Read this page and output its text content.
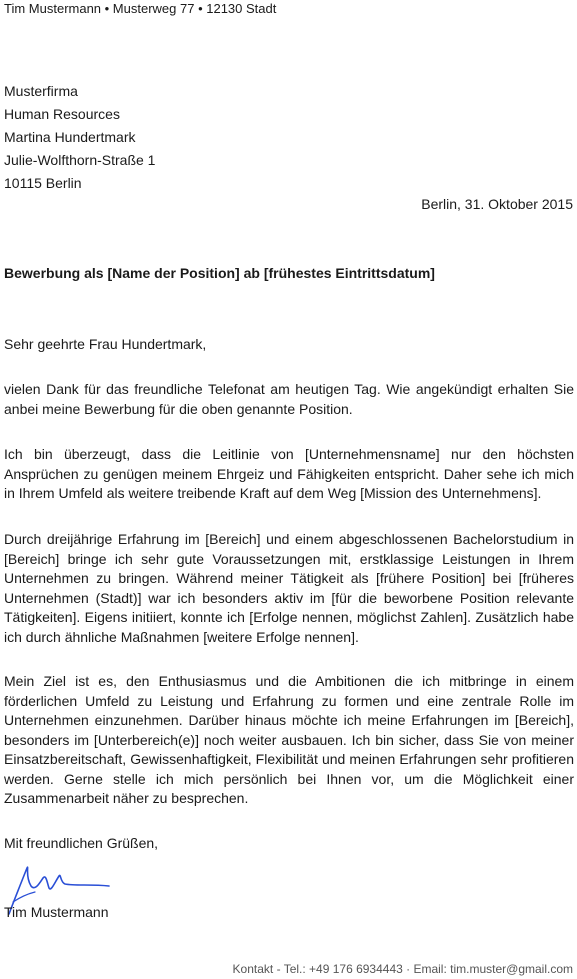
Tim Mustermann • Musterweg 77 • 12130 Stadt
Musterfirma
Human Resources
Martina Hundertmark
Julie-Wolfthorn-Straße 1
10115 Berlin
Berlin, 31. Oktober 2015
Bewerbung als [Name der Position] ab [frühestes Eintrittsdatum]
Sehr geehrte Frau Hundertmark,
vielen Dank für das freundliche Telefonat am heutigen Tag. Wie angekündigt erhalten Sie anbei meine Bewerbung für die oben genannte Position.
Ich bin überzeugt, dass die Leitlinie von [Unternehmensname] nur den höchsten Ansprüchen zu genügen meinem Ehrgeiz und Fähigkeiten entspricht. Daher sehe ich mich in Ihrem Umfeld als weitere treibende Kraft auf dem Weg [Mission des Unternehmens].
Durch dreijährige Erfahrung im [Bereich] und einem abgeschlossenen Bachelorstudium in [Bereich] bringe ich sehr gute Voraussetzungen mit, erstklassige Leistungen in Ihrem Unternehmen zu bringen. Während meiner Tätigkeit als [frühere Position] bei [früheres Unternehmen (Stadt)] war ich besonders aktiv im [für die beworbene Position relevante Tätigkeiten]. Eigens initiiert, konnte ich [Erfolge nennen, möglichst Zahlen]. Zusätzlich habe ich durch ähnliche Maßnahmen [weitere Erfolge nennen].
Mein Ziel ist es, den Enthusiasmus und die Ambitionen die ich mitbringe in einem förderlichen Umfeld zu Leistung und Erfahrung zu formen und eine zentrale Rolle im Unternehmen einzunehmen. Darüber hinaus möchte ich meine Erfahrungen im [Bereich], besonders im [Unterbereich(e)] noch weiter ausbauen. Ich bin sicher, dass Sie von meiner Einsatzbereitschaft, Gewissenhaftigkeit, Flexibilität und meinen Erfahrungen sehr profitieren werden. Gerne stelle ich mich persönlich bei Ihnen vor, um die Möglichkeit einer Zusammenarbeit näher zu besprechen.
Mit freundlichen Grüßen,
Tim Mustermann
Kontakt - Tel.: +49 176 6934443 · Email: tim.muster@gmail.com
